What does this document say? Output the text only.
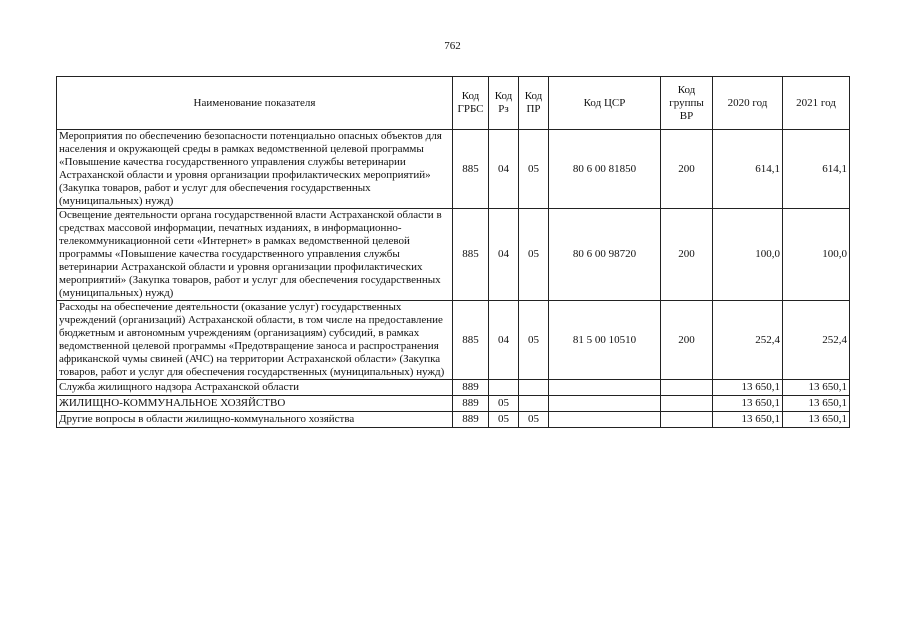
762
Наименование показателя	Код ГРБС	Код Рз	Код ПР	Код ЦСР	Код группы ВР	2020 год	2021 год
Мероприятия по обеспечению безопасности потенциально опасных объектов для населения и окружающей среды в рамках ведомственной целевой программы «Повышение качества государственного управления службы ветеринарии Астраханской области и уровня организации профилактических мероприятий» (Закупка товаров, работ и услуг для обеспечения государственных (муниципальных) нужд)	885	04	05	80 6 00 81850	200	614,1	614,1
Освещение деятельности органа государственной власти Астраханской области в средствах массовой информации, печатных изданиях, в информационно-телекоммуникационной сети «Интернет» в рамках ведомственной целевой программы «Повышение качества государственного управления службы ветеринарии Астраханской области и уровня организации профилактических мероприятий» (Закупка товаров, работ и услуг для обеспечения государственных (муниципальных) нужд)	885	04	05	80 6 00 98720	200	100,0	100,0
Расходы на обеспечение деятельности (оказание услуг) государственных учреждений (организаций) Астраханской области, в том числе на предоставление бюджетным и автономным учреждениям (организациям) субсидий, в рамках ведомственной целевой программы «Предотвращение заноса и распространения африканской чумы свиней (АЧС) на территории Астраханской области» (Закупка товаров, работ и услуг для обеспечения государственных (муниципальных) нужд)	885	04	05	81 5 00 10510	200	252,4	252,4
Служба жилищного надзора Астраханской области	889					13 650,1	13 650,1
ЖИЛИЩНО-КОММУНАЛЬНОЕ ХОЗЯЙСТВО	889	05				13 650,1	13 650,1
Другие вопросы в области жилищно-коммунального хозяйства	889	05	05			13 650,1	13 650,1
